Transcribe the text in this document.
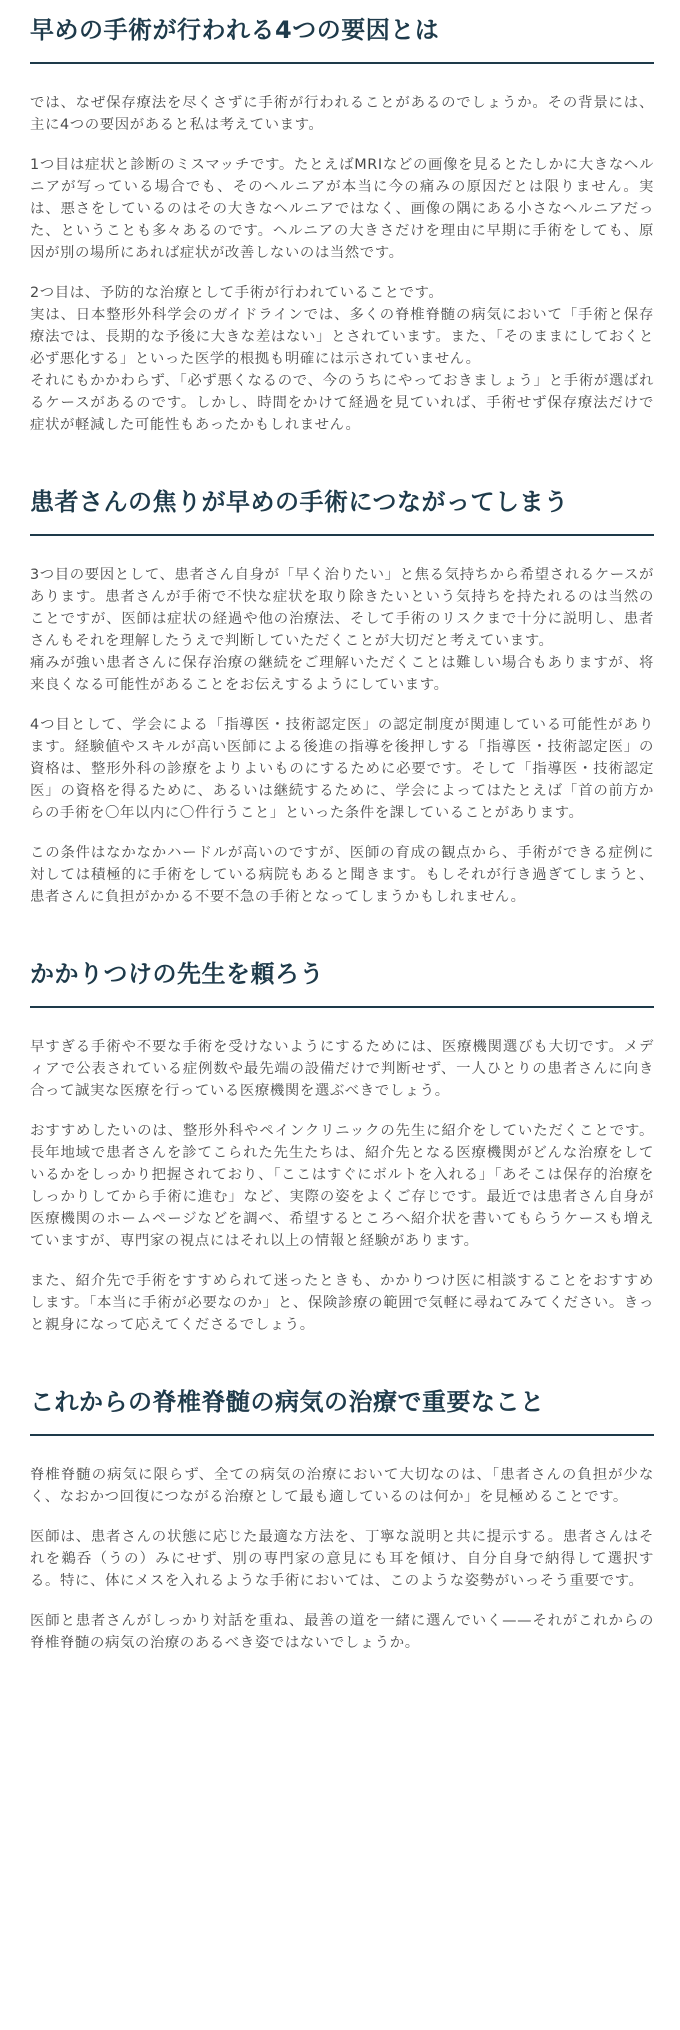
早めの手術が行われる4つの要因とは

では、なぜ保存療法を尽くさずに手術が行われることがあるのでしょうか。その背景には、主に4つの要因があると私は考えています。

1つ目は症状と診断のミスマッチです。たとえばMRIなどの画像を見るとたしかに大きなヘルニアが写っている場合でも、そのヘルニアが本当に今の痛みの原因だとは限りません。実は、悪さをしているのはその大きなヘルニアではなく、画像の隅にある小さなヘルニアだった、ということも多々あるのです。ヘルニアの大きさだけを理由に早期に手術をしても、原因が別の場所にあれば症状が改善しないのは当然です。

2つ目は、予防的な治療として手術が行われていることです。
実は、日本整形外科学会のガイドラインでは、多くの脊椎脊髄の病気において「手術と保存療法では、長期的な予後に大きな差はない」とされています。また、「そのままにしておくと必ず悪化する」といった医学的根拠も明確には示されていません。
それにもかかわらず、「必ず悪くなるので、今のうちにやっておきましょう」と手術が選ばれるケースがあるのです。しかし、時間をかけて経過を見ていれば、手術せず保存療法だけで症状が軽減した可能性もあったかもしれません。

患者さんの焦りが早めの手術につながってしまう

3つ目の要因として、患者さん自身が「早く治りたい」と焦る気持ちから希望されるケースがあります。患者さんが手術で不快な症状を取り除きたいという気持ちを持たれるのは当然のことですが、医師は症状の経過や他の治療法、そして手術のリスクまで十分に説明し、患者さんもそれを理解したうえで判断していただくことが大切だと考えています。
痛みが強い患者さんに保存治療の継続をご理解いただくことは難しい場合もありますが、将来良くなる可能性があることをお伝えするようにしています。

4つ目として、学会による「指導医・技術認定医」の認定制度が関連している可能性があります。経験値やスキルが高い医師による後進の指導を後押しする「指導医・技術認定医」の資格は、整形外科の診療をよりよいものにするために必要です。そして「指導医・技術認定医」の資格を得るために、あるいは継続するために、学会によってはたとえば「首の前方からの手術を〇年以内に〇件行うこと」といった条件を課していることがあります。

この条件はなかなかハードルが高いのですが、医師の育成の観点から、手術ができる症例に対しては積極的に手術をしている病院もあると聞きます。もしそれが行き過ぎてしまうと、患者さんに負担がかかる不要不急の手術となってしまうかもしれません。

かかりつけの先生を頼ろう

早すぎる手術や不要な手術を受けないようにするためには、医療機関選びも大切です。メディアで公表されている症例数や最先端の設備だけで判断せず、一人ひとりの患者さんに向き合って誠実な医療を行っている医療機関を選ぶべきでしょう。

おすすめしたいのは、整形外科やペインクリニックの先生に紹介をしていただくことです。長年地域で患者さんを診てこられた先生たちは、紹介先となる医療機関がどんな治療をしているかをしっかり把握されており、「ここはすぐにボルトを入れる」「あそこは保存的治療をしっかりしてから手術に進む」など、実際の姿をよくご存じです。最近では患者さん自身が医療機関のホームページなどを調べ、希望するところへ紹介状を書いてもらうケースも増えていますが、専門家の視点にはそれ以上の情報と経験があります。

また、紹介先で手術をすすめられて迷ったときも、かかりつけ医に相談することをおすすめします。「本当に手術が必要なのか」と、保険診療の範囲で気軽に尋ねてみてください。きっと親身になって応えてくださるでしょう。

これからの脊椎脊髄の病気の治療で重要なこと

脊椎脊髄の病気に限らず、全ての病気の治療において大切なのは、「患者さんの負担が少なく、なおかつ回復につながる治療として最も適しているのは何か」を見極めることです。

医師は、患者さんの状態に応じた最適な方法を、丁寧な説明と共に提示する。患者さんはそれを鵜呑（うの）みにせず、別の専門家の意見にも耳を傾け、自分自身で納得して選択する。特に、体にメスを入れるような手術においては、このような姿勢がいっそう重要です。

医師と患者さんがしっかり対話を重ね、最善の道を一緒に選んでいく——それがこれからの脊椎脊髄の病気の治療のあるべき姿ではないでしょうか。
